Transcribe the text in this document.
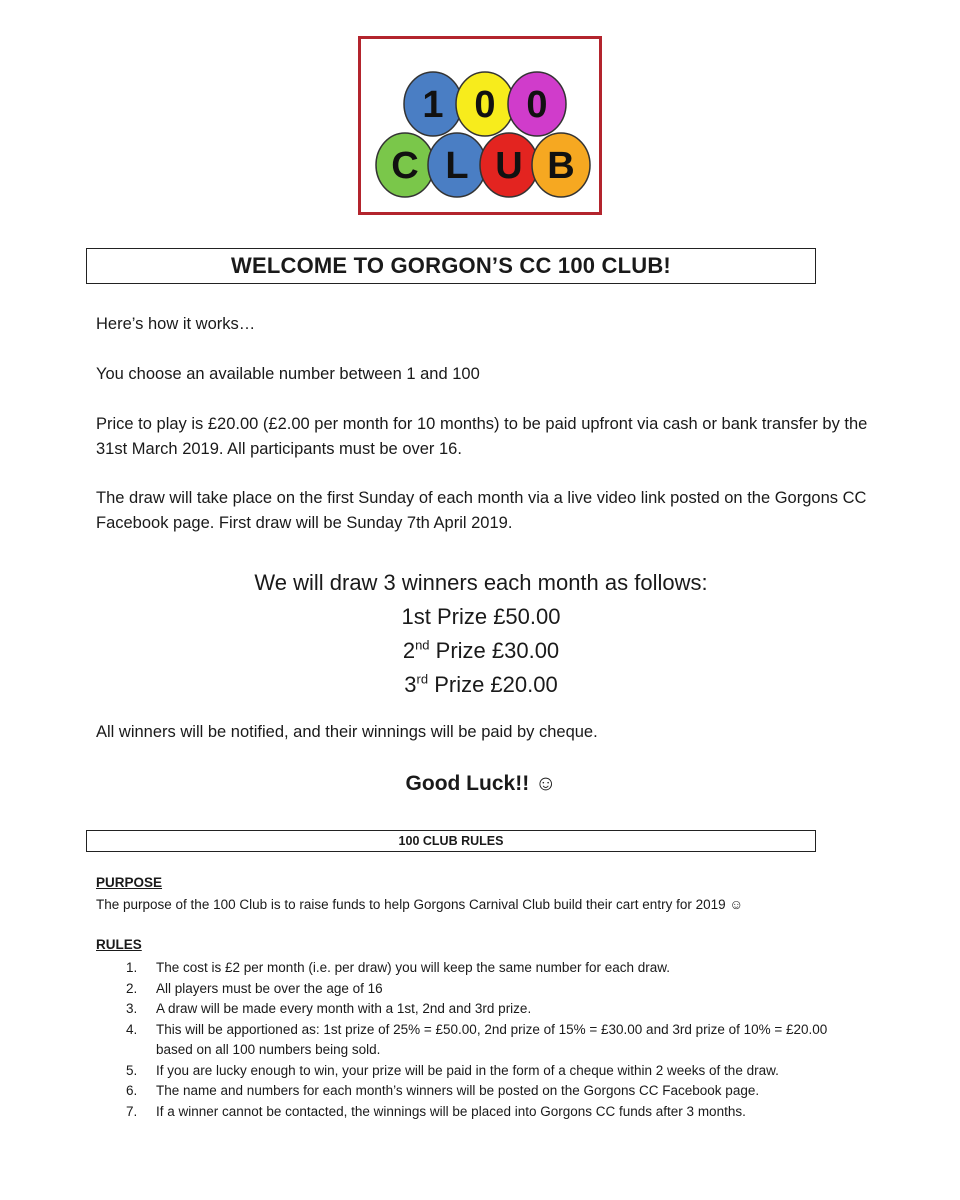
1 0 0
C L U B
WELCOME TO GORGON’S CC 100 CLUB!
Here’s how it works…
You choose an available number between 1 and 100
Price to play is £20.00 (£2.00 per month for 10 months) to be paid upfront via cash or bank transfer by the 31st March 2019. All participants must be over 16.
The draw will take place on the first Sunday of each month via a live video link posted on the Gorgons CC Facebook page. First draw will be Sunday 7th April 2019.
We will draw 3 winners each month as follows:
1st Prize £50.00
2nd Prize £30.00
3rd Prize £20.00
All winners will be notified, and their winnings will be paid by cheque.
Good Luck!! ☺
100 CLUB RULES
PURPOSE
The purpose of the 100 Club is to raise funds to help Gorgons Carnival Club build their cart entry for 2019 ☺
RULES
1.	The cost is £2 per month (i.e. per draw) you will keep the same number for each draw.
2.	All players must be over the age of 16
3.	A draw will be made every month with a 1st, 2nd and 3rd prize.
4.	This will be apportioned as: 1st prize of 25% = £50.00, 2nd prize of 15% = £30.00 and 3rd prize of 10% = £20.00 based on all 100 numbers being sold.
5.	If you are lucky enough to win, your prize will be paid in the form of a cheque within 2 weeks of the draw.
6.	The name and numbers for each month’s winners will be posted on the Gorgons CC Facebook page.
7.	If a winner cannot be contacted, the winnings will be placed into Gorgons CC funds after 3 months.
